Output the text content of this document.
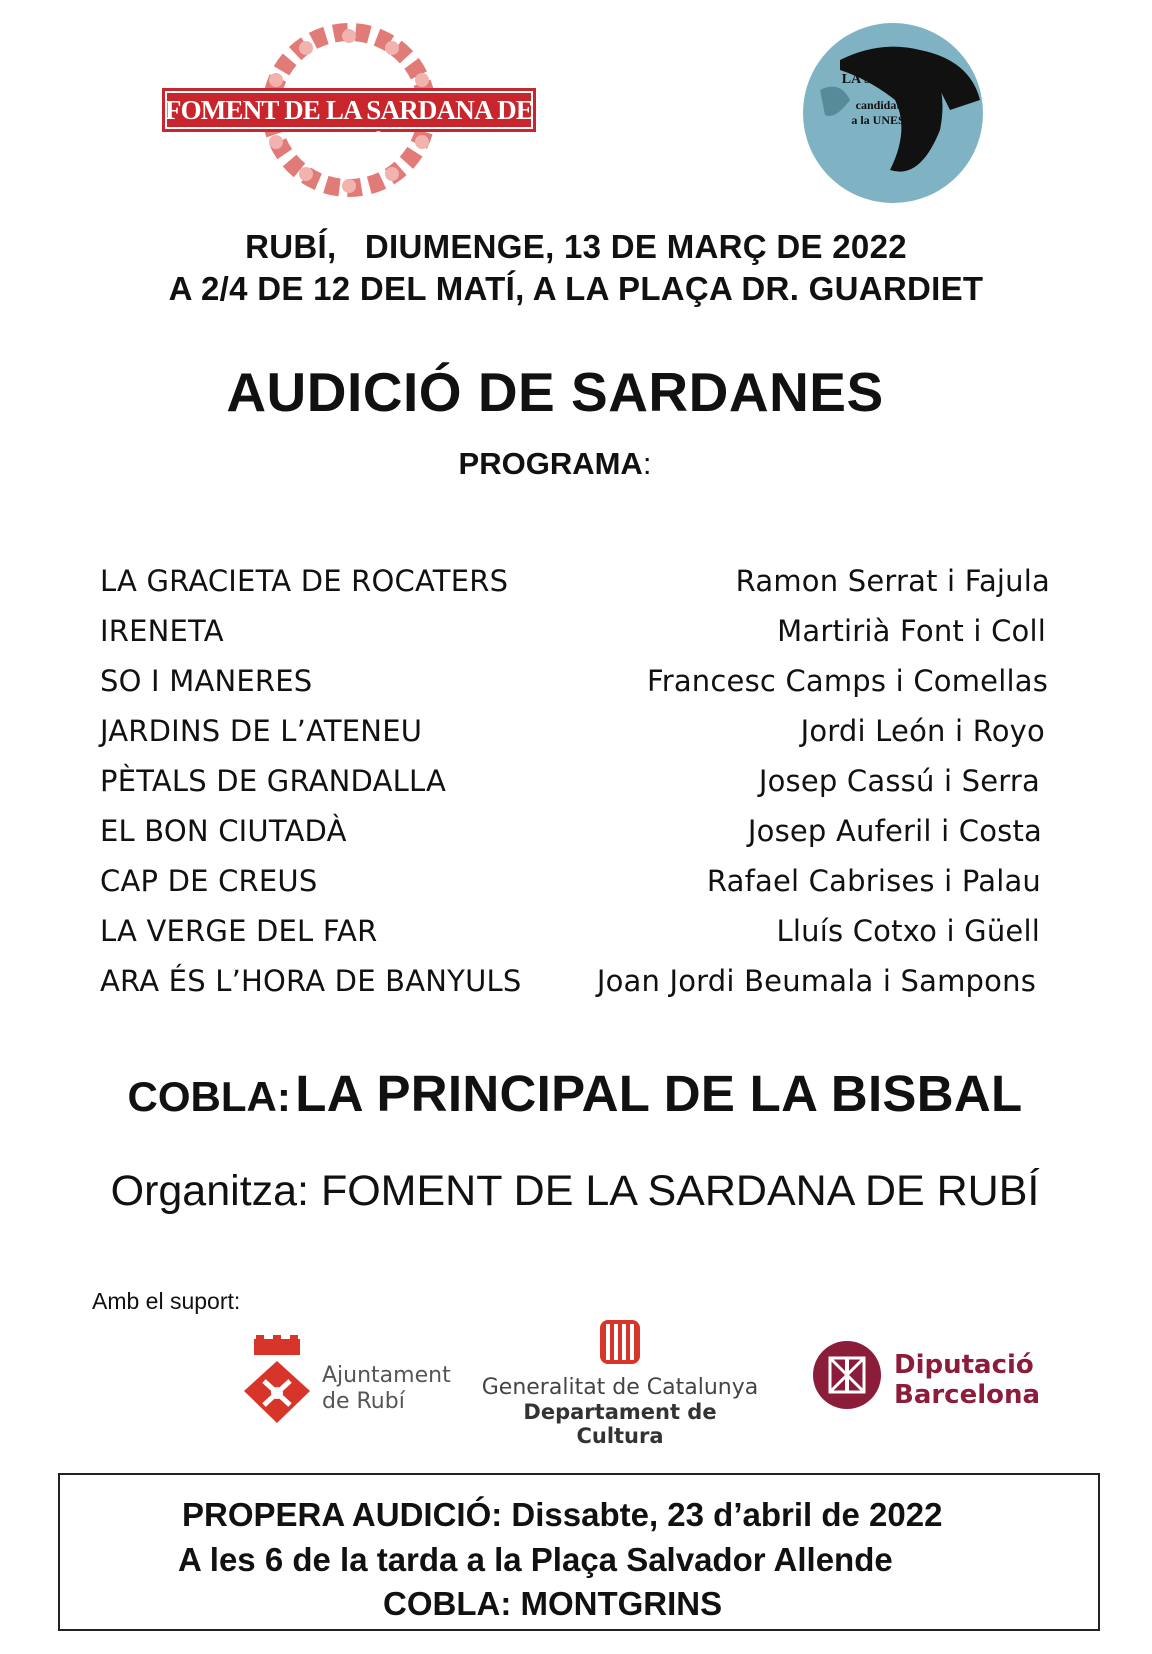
FOMENT DE LA SARDANA DE RUBÍ
LA SARDANA
candidatura
a la UNESCO
RUBÍ, DIUMENGE, 13 DE MARÇ DE 2022
A 2/4 DE 12 DEL MATÍ, A LA PLAÇA DR. GUARDIET
AUDICIÓ DE SARDANES
PROGRAMA:
LA GRACIETA DE ROCATERS	Ramon Serrat i Fajula
IRENETA	Martirià Font i Coll
SO I MANERES	Francesc Camps i Comellas
JARDINS DE L’ATENEU	Jordi León i Royo
PÈTALS DE GRANDALLA	Josep Cassú i Serra
EL BON CIUTADÀ	Josep Auferil i Costa
CAP DE CREUS	Rafael Cabrises i Palau
LA VERGE DEL FAR	Lluís Cotxo i Güell
ARA ÉS L’HORA DE BANYULS	Joan Jordi Beumala i Sampons
COBLA: LA PRINCIPAL DE LA BISBAL
Organitza: FOMENT DE LA SARDANA DE RUBÍ
Amb el suport:
Ajuntament
de Rubí
Generalitat de Catalunya
Departament de Cultura
Diputació
Barcelona
PROPERA AUDICIÓ: Dissabte, 23 d’abril de 2022
A les 6 de la tarda a la Plaça Salvador Allende
COBLA: MONTGRINS
